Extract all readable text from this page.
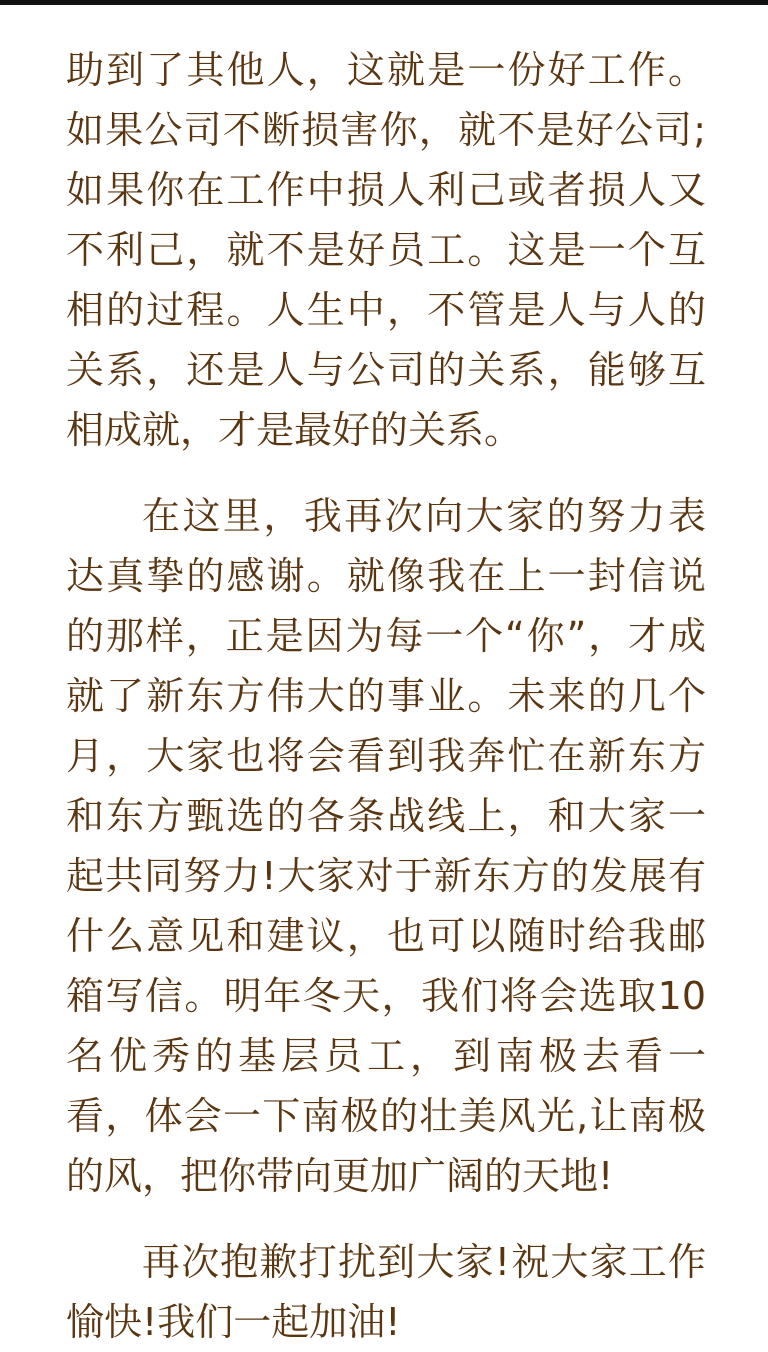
助到了其他人，这就是一份好工作。如果公司不断损害你，就不是好公司;如果你在工作中损人利己或者损人又不利己，就不是好员工。这是一个互相的过程。人生中，不管是人与人的关系，还是人与公司的关系，能够互相成就，才是最好的关系。

在这里，我再次向大家的努力表达真挚的感谢。就像我在上一封信说的那样，正是因为每一个“你”，才成就了新东方伟大的事业。未来的几个月，大家也将会看到我奔忙在新东方和东方甄选的各条战线上，和大家一起共同努力!大家对于新东方的发展有什么意见和建议，也可以随时给我邮箱写信。明年冬天，我们将会选取10名优秀的基层员工，到南极去看一看，体会一下南极的壮美风光,让南极的风，把你带向更加广阔的天地!

再次抱歉打扰到大家!祝大家工作愉快!我们一起加油!
